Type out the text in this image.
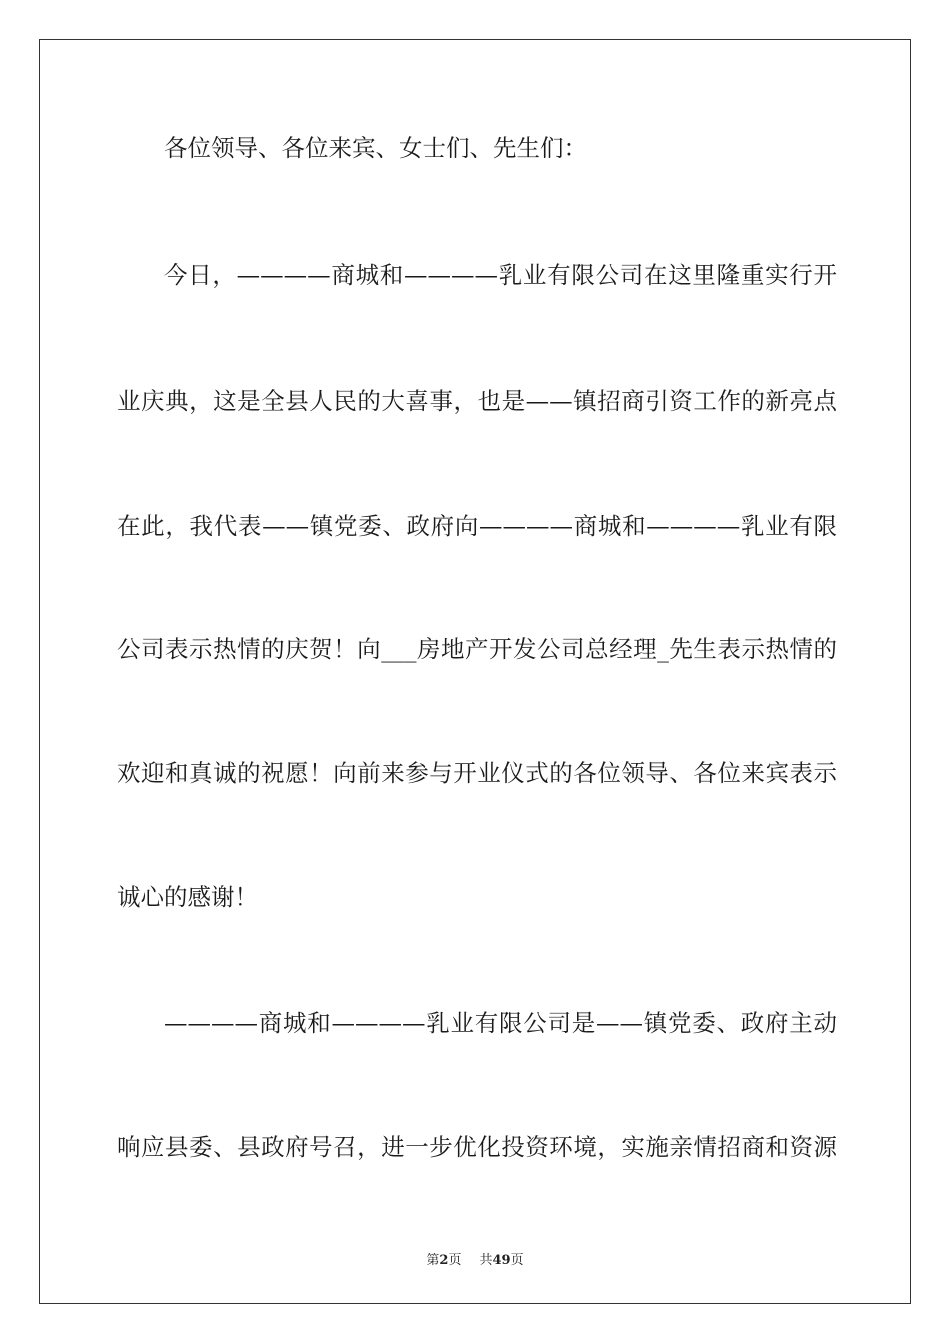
各位领导、各位来宾、女士们、先生们：
今日，————商城和————乳业有限公司在这里隆重实行开
业庆典，这是全县人民的大喜事，也是——镇招商引资工作的新亮点
在此，我代表——镇党委、政府向————商城和————乳业有限
公司表示热情的庆贺！向___房地产开发公司总经理_先生表示热情的
欢迎和真诚的祝愿！向前来参与开业仪式的各位领导、各位来宾表示
诚心的感谢！
————商城和————乳业有限公司是——镇党委、政府主动
响应县委、县政府号召，进一步优化投资环境，实施亲情招商和资源
第2页 共49页
